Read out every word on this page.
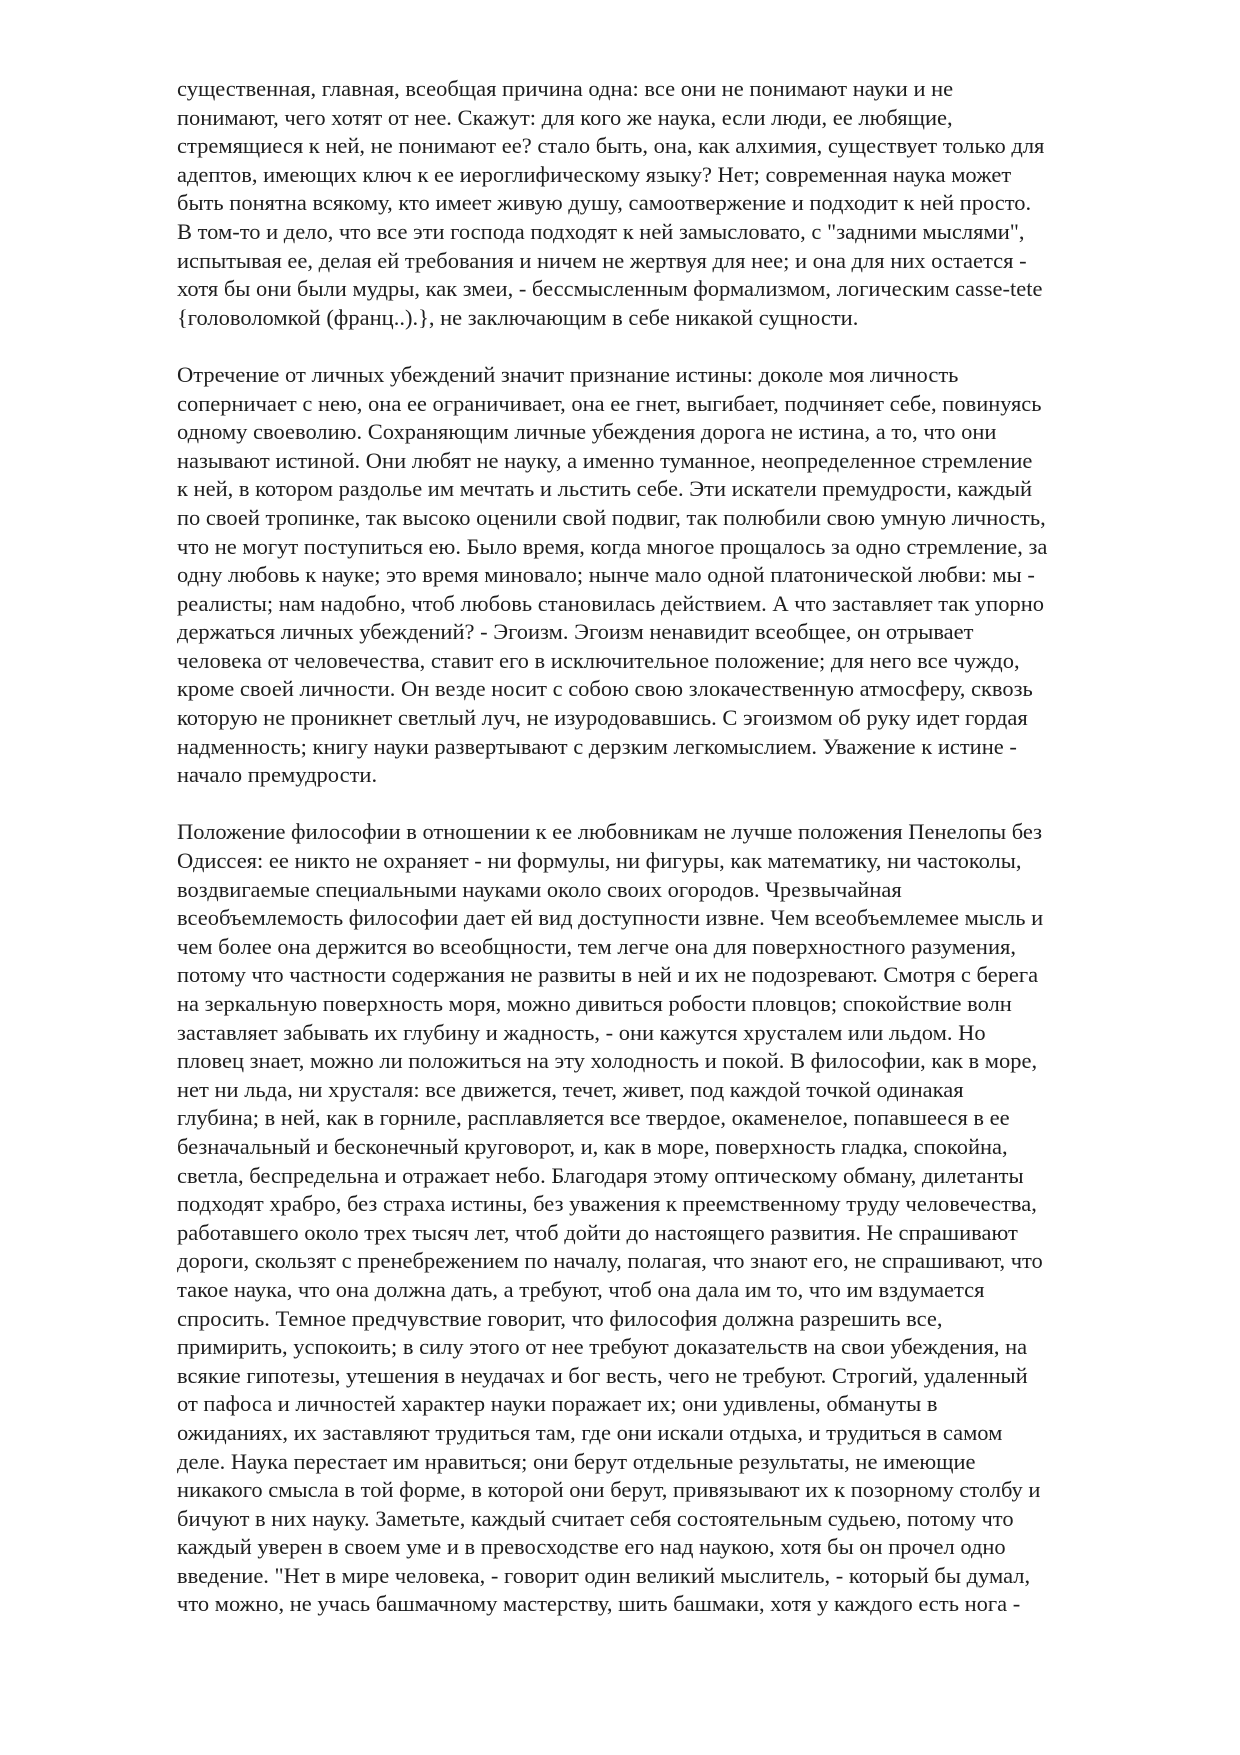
существенная, главная, всеобщая причина одна: все они не понимают науки и не
понимают, чего хотят от нее. Скажут: для кого же наука, если люди, ее любящие,
стремящиеся к ней, не понимают ее? стало быть, она, как алхимия, существует только для
адептов, имеющих ключ к ее иероглифическому языку? Нет; современная наука может
быть понятна всякому, кто имеет живую душу, самоотвержение и подходит к ней просто.
В том-то и дело, что все эти господа подходят к ней замысловато, с "задними мыслями",
испытывая ее, делая ей требования и ничем не жертвуя для нее; и она для них остается -
хотя бы они были мудры, как змеи, - бессмысленным формализмом, логическим casse-tete
{головоломкой (франц..).}, не заключающим в себе никакой сущности.
Отречение от личных убеждений значит признание истины: доколе моя личность
соперничает с нею, она ее ограничивает, она ее гнет, выгибает, подчиняет себе, повинуясь
одному своеволию. Сохраняющим личные убеждения дорога не истина, а то, что они
называют истиной. Они любят не науку, а именно туманное, неопределенное стремление
к ней, в котором раздолье им мечтать и льстить себе. Эти искатели премудрости, каждый
по своей тропинке, так высоко оценили свой подвиг, так полюбили свою умную личность,
что не могут поступиться ею. Было время, когда многое прощалось за одно стремление, за
одну любовь к науке; это время миновало; нынче мало одной платонической любви: мы -
реалисты; нам надобно, чтоб любовь становилась действием. А что заставляет так упорно
держаться личных убеждений? - Эгоизм. Эгоизм ненавидит всеобщее, он отрывает
человека от человечества, ставит его в исключительное положение; для него все чуждо,
кроме своей личности. Он везде носит с собою свою злокачественную атмосферу, сквозь
которую не проникнет светлый луч, не изуродовавшись. С эгоизмом об руку идет гордая
надменность; книгу науки развертывают с дерзким легкомыслием. Уважение к истине -
начало премудрости.
Положение философии в отношении к ее любовникам не лучше положения Пенелопы без
Одиссея: ее никто не охраняет - ни формулы, ни фигуры, как математику, ни частоколы,
воздвигаемые специальными науками около своих огородов. Чрезвычайная
всеобъемлемость философии дает ей вид доступности извне. Чем всеобъемлемее мысль и
чем более она держится во всеобщности, тем легче она для поверхностного разумения,
потому что частности содержания не развиты в ней и их не подозревают. Смотря с берега
на зеркальную поверхность моря, можно дивиться робости пловцов; спокойствие волн
заставляет забывать их глубину и жадность, - они кажутся хрусталем или льдом. Но
пловец знает, можно ли положиться на эту холодность и покой. В философии, как в море,
нет ни льда, ни хрусталя: все движется, течет, живет, под каждой точкой одинакая
глубина; в ней, как в горниле, расплавляется все твердое, окаменелое, попавшееся в ее
безначальный и бесконечный круговорот, и, как в море, поверхность гладка, спокойна,
светла, беспредельна и отражает небо. Благодаря этому оптическому обману, дилетанты
подходят храбро, без страха истины, без уважения к преемственному труду человечества,
работавшего около трех тысяч лет, чтоб дойти до настоящего развития. Не спрашивают
дороги, скользят с пренебрежением по началу, полагая, что знают его, не спрашивают, что
такое наука, что она должна дать, а требуют, чтоб она дала им то, что им вздумается
спросить. Темное предчувствие говорит, что философия должна разрешить все,
примирить, успокоить; в силу этого от нее требуют доказательств на свои убеждения, на
всякие гипотезы, утешения в неудачах и бог весть, чего не требуют. Строгий, удаленный
от пафоса и личностей характер науки поражает их; они удивлены, обмануты в
ожиданиях, их заставляют трудиться там, где они искали отдыха, и трудиться в самом
деле. Наука перестает им нравиться; они берут отдельные результаты, не имеющие
никакого смысла в той форме, в которой они берут, привязывают их к позорному столбу и
бичуют в них науку. Заметьте, каждый считает себя состоятельным судьею, потому что
каждый уверен в своем уме и в превосходстве его над наукою, хотя бы он прочел одно
введение. "Нет в мире человека, - говорит один великий мыслитель, - который бы думал,
что можно, не учась башмачному мастерству, шить башмаки, хотя у каждого есть нога -
